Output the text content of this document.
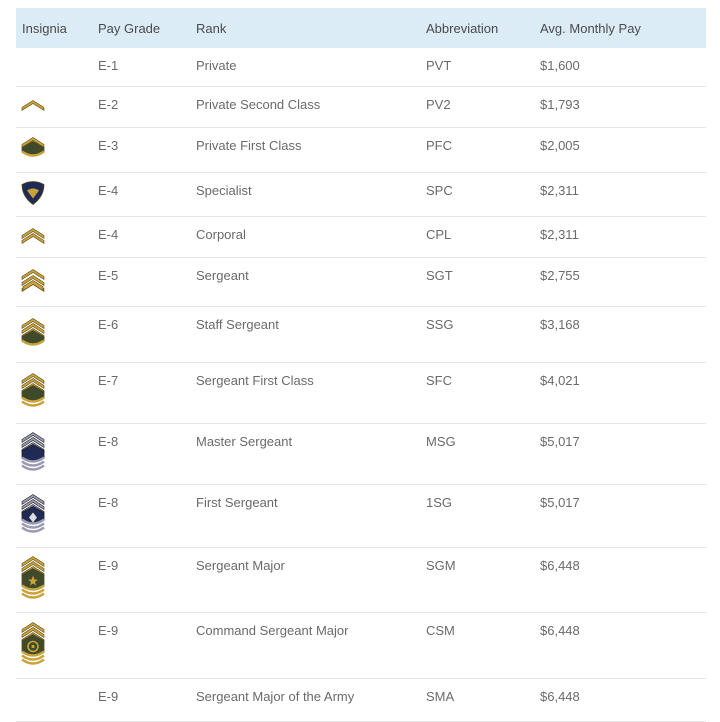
Insignia	Pay Grade	Rank	Abbreviation	Avg. Monthly Pay
E-1	Private	PVT	$1,600
E-2	Private Second Class	PV2	$1,793
E-3	Private First Class	PFC	$2,005
E-4	Specialist	SPC	$2,311
E-4	Corporal	CPL	$2,311
E-5	Sergeant	SGT	$2,755
E-6	Staff Sergeant	SSG	$3,168
E-7	Sergeant First Class	SFC	$4,021
E-8	Master Sergeant	MSG	$5,017
E-8	First Sergeant	1SG	$5,017
E-9	Sergeant Major	SGM	$6,448
E-9	Command Sergeant Major	CSM	$6,448
E-9	Sergeant Major of the Army	SMA	$6,448
